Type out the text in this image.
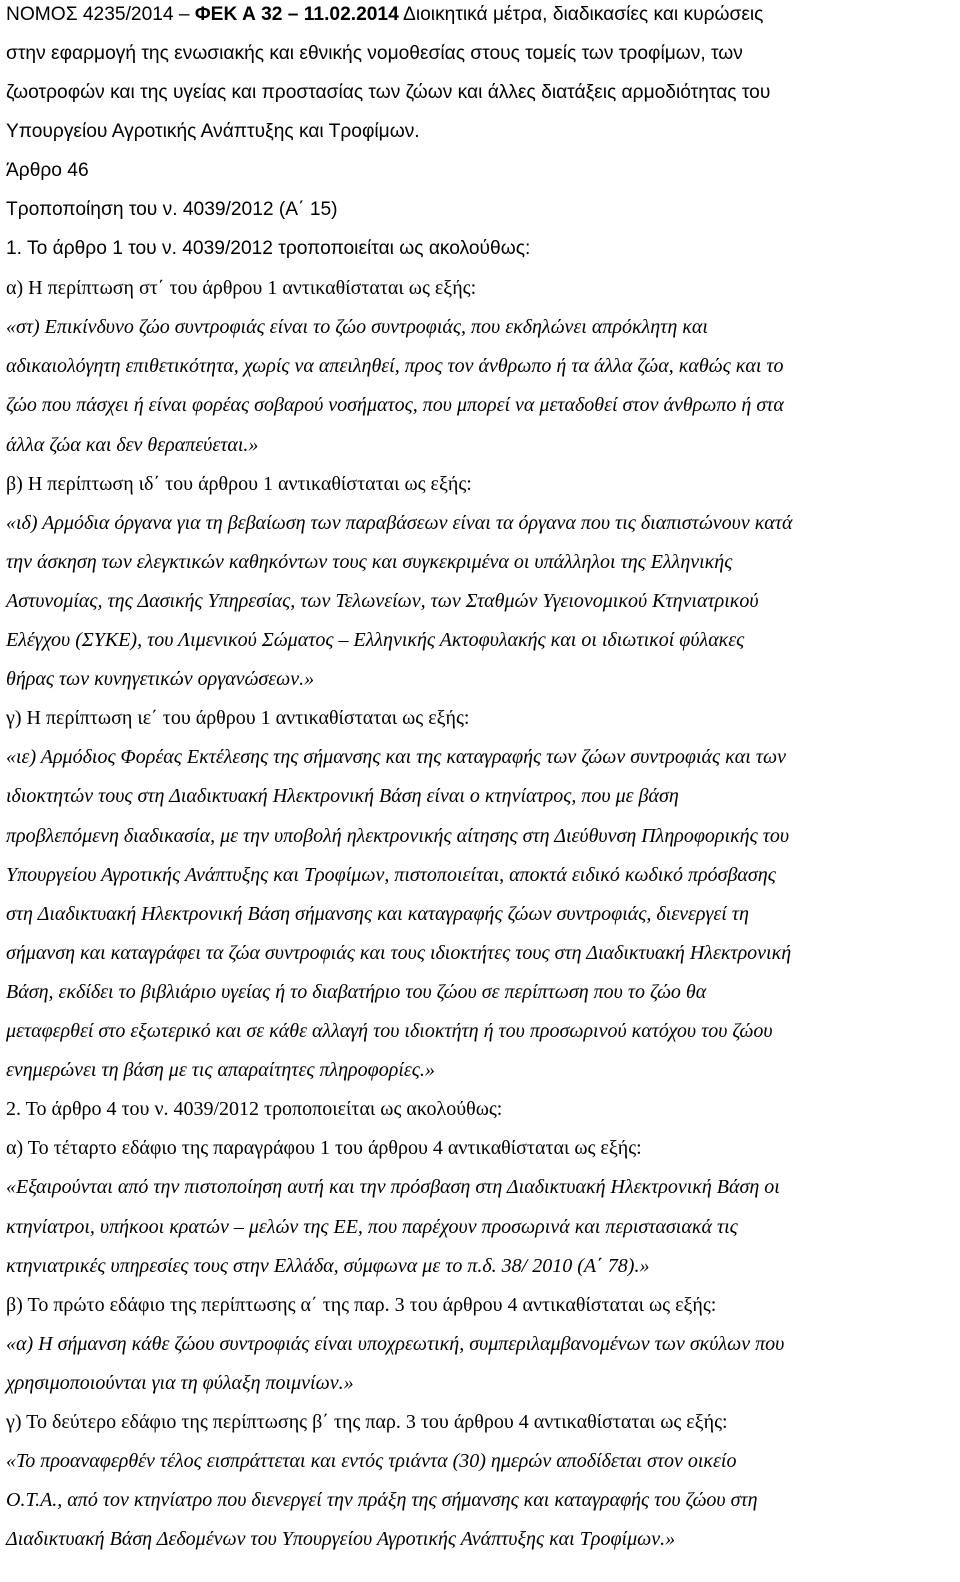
ΝΟΜΟΣ 4235/2014 – ΦΕΚ Α 32 – 11.02.2014 Διοικητικά μέτρα, διαδικασίες και κυρώσεις
στην εφαρμογή της ενωσιακής και εθνικής νομοθεσίας στους τομείς των τροφίμων, των
ζωοτροφών και της υγείας και προστασίας των ζώων και άλλες διατάξεις αρμοδιότητας του
Υπουργείου Αγροτικής Ανάπτυξης και Τροφίμων.
Άρθρο 46
Τροποποίηση του ν. 4039/2012 (Α΄ 15)
1. Το άρθρο 1 του ν. 4039/2012 τροποποιείται ως ακολούθως:
α) Η περίπτωση στ΄ του άρθρου 1 αντικαθίσταται ως εξής:
«στ) Επικίνδυνο ζώο συντροφιάς είναι το ζώο συντροφιάς, που εκδηλώνει απρόκλητη και
αδικαιολόγητη επιθετικότητα, χωρίς να απειληθεί, προς τον άνθρωπο ή τα άλλα ζώα, καθώς και το
ζώο που πάσχει ή είναι φορέας σοβαρού νοσήματος, που μπορεί να μεταδοθεί στον άνθρωπο ή στα
άλλα ζώα και δεν θεραπεύεται.»
β) Η περίπτωση ιδ΄ του άρθρου 1 αντικαθίσταται ως εξής:
«ιδ) Αρμόδια όργανα για τη βεβαίωση των παραβάσεων είναι τα όργανα που τις διαπιστώνουν κατά
την άσκηση των ελεγκτικών καθηκόντων τους και συγκεκριμένα οι υπάλληλοι της Ελληνικής
Αστυνομίας, της Δασικής Υπηρεσίας, των Τελωνείων, των Σταθμών Υγειονομικού Κτηνιατρικού
Ελέγχου (ΣΥΚΕ), του Λιμενικού Σώματος – Ελληνικής Ακτοφυλακής και οι ιδιωτικοί φύλακες
θήρας των κυνηγετικών οργανώσεων.»
γ) Η περίπτωση ιε΄ του άρθρου 1 αντικαθίσταται ως εξής:
«ιε) Αρμόδιος Φορέας Εκτέλεσης της σήμανσης και της καταγραφής των ζώων συντροφιάς και των
ιδιοκτητών τους στη Διαδικτυακή Ηλεκτρονική Βάση είναι ο κτηνίατρος, που με βάση
προβλεπόμενη διαδικασία, με την υποβολή ηλεκτρονικής αίτησης στη Διεύθυνση Πληροφορικής του
Υπουργείου Αγροτικής Ανάπτυξης και Τροφίμων, πιστοποιείται, αποκτά ειδικό κωδικό πρόσβασης
στη Διαδικτυακή Ηλεκτρονική Βάση σήμανσης και καταγραφής ζώων συντροφιάς, διενεργεί τη
σήμανση και καταγράφει τα ζώα συντροφιάς και τους ιδιοκτήτες τους στη Διαδικτυακή Ηλεκτρονική
Βάση, εκδίδει το βιβλιάριο υγείας ή το διαβατήριο του ζώου σε περίπτωση που το ζώο θα
μεταφερθεί στο εξωτερικό και σε κάθε αλλαγή του ιδιοκτήτη ή του προσωρινού κατόχου του ζώου
ενημερώνει τη βάση με τις απαραίτητες πληροφορίες.»
2. Το άρθρο 4 του ν. 4039/2012 τροποποιείται ως ακολούθως:
α) Το τέταρτο εδάφιο της παραγράφου 1 του άρθρου 4 αντικαθίσταται ως εξής:
«Εξαιρούνται από την πιστοποίηση αυτή και την πρόσβαση στη Διαδικτυακή Ηλεκτρονική Βάση οι
κτηνίατροι, υπήκοοι κρατών – μελών της ΕΕ, που παρέχουν προσωρινά και περιστασιακά τις
κτηνιατρικές υπηρεσίες τους στην Ελλάδα, σύμφωνα με το π.δ. 38/ 2010 (Α΄ 78).»
β) Το πρώτο εδάφιο της περίπτωσης α΄ της παρ. 3 του άρθρου 4 αντικαθίσταται ως εξής:
«α) Η σήμανση κάθε ζώου συντροφιάς είναι υποχρεωτική, συμπεριλαμβανομένων των σκύλων που
χρησιμοποιούνται για τη φύλαξη ποιμνίων.»
γ) Το δεύτερο εδάφιο της περίπτωσης β΄ της παρ. 3 του άρθρου 4 αντικαθίσταται ως εξής:
«Το προαναφερθέν τέλος εισπράττεται και εντός τριάντα (30) ημερών αποδίδεται στον οικείο
Ο.Τ.Α., από τον κτηνίατρο που διενεργεί την πράξη της σήμανσης και καταγραφής του ζώου στη
Διαδικτυακή Βάση Δεδομένων του Υπουργείου Αγροτικής Ανάπτυξης και Τροφίμων.»
